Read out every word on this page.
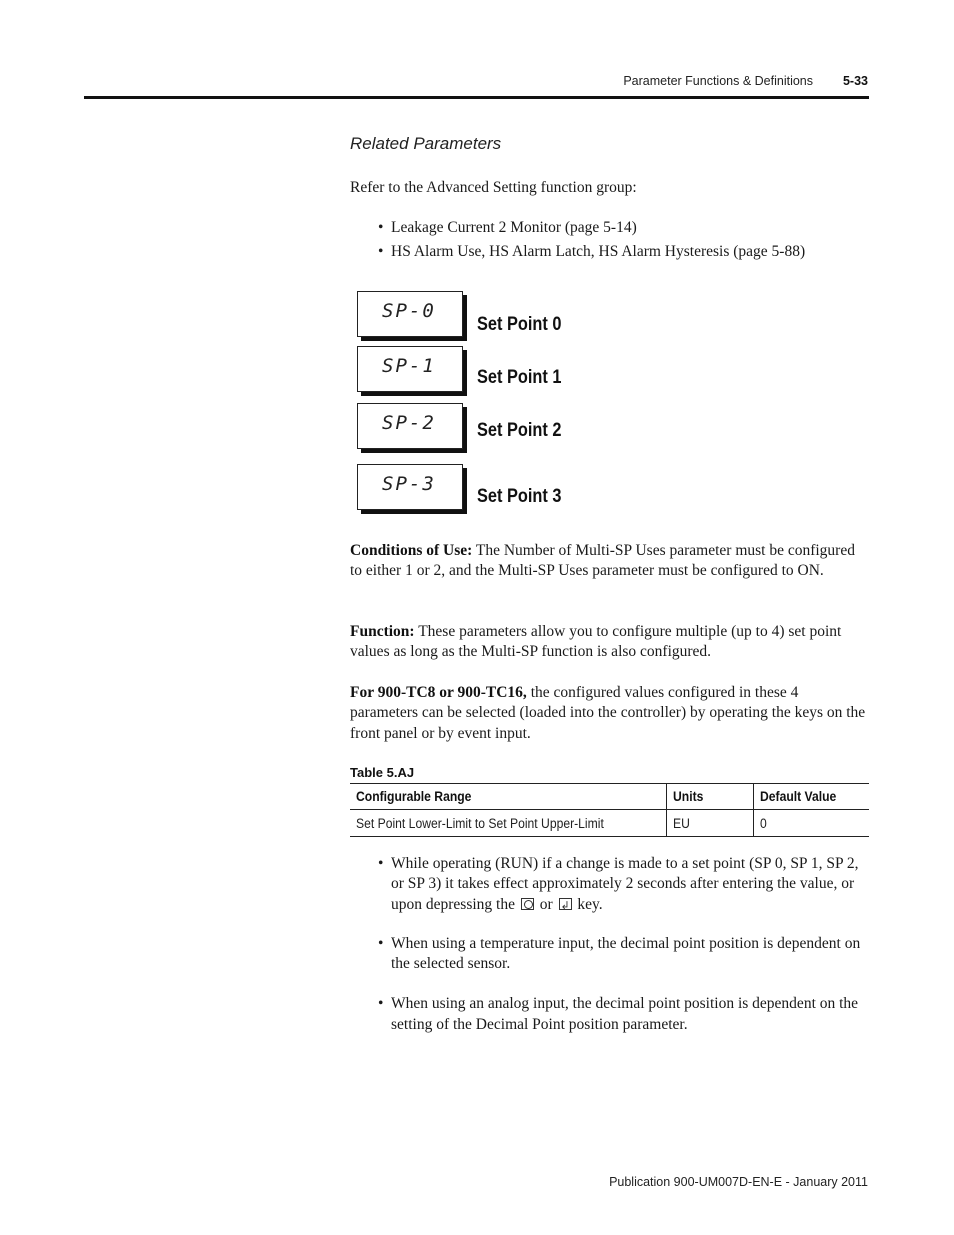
Parameter Functions & Definitions	5-33
Related Parameters
Refer to the Advanced Setting function group:
• Leakage Current 2 Monitor (page 5-14)
• HS Alarm Use, HS Alarm Latch, HS Alarm Hysteresis (page 5-88)
SP-0
Set Point 0
SP-1
Set Point 1
SP-2 Set Point 2
SP-3
Set Point 3
Conditions of Use: The Number of Multi-SP Uses parameter must be configured to either 1 or 2, and the Multi-SP Uses parameter must be configured to ON.
Function: These parameters allow you to configure multiple (up to 4) set point values as long as the Multi-SP function is also configured.
For 900-TC8 or 900-TC16, the configured values configured in these 4 parameters can be selected (loaded into the controller) by operating the keys on the front panel or by event input.
Table 5.AJ
Configurable Range	Units	Default Value
Set Point Lower-Limit to Set Point Upper-Limit	EU	0
• While operating (RUN) if a change is made to a set point (SP 0, SP 1, SP 2, or SP 3) it takes effect approximately 2 seconds after entering the value, or upon depressing the or ↲ key.
• When using a temperature input, the decimal point position is dependent on the selected sensor.
• When using an analog input, the decimal point position is dependent on the setting of the Decimal Point position parameter.
Publication 900-UM007D-EN-E - January 2011
